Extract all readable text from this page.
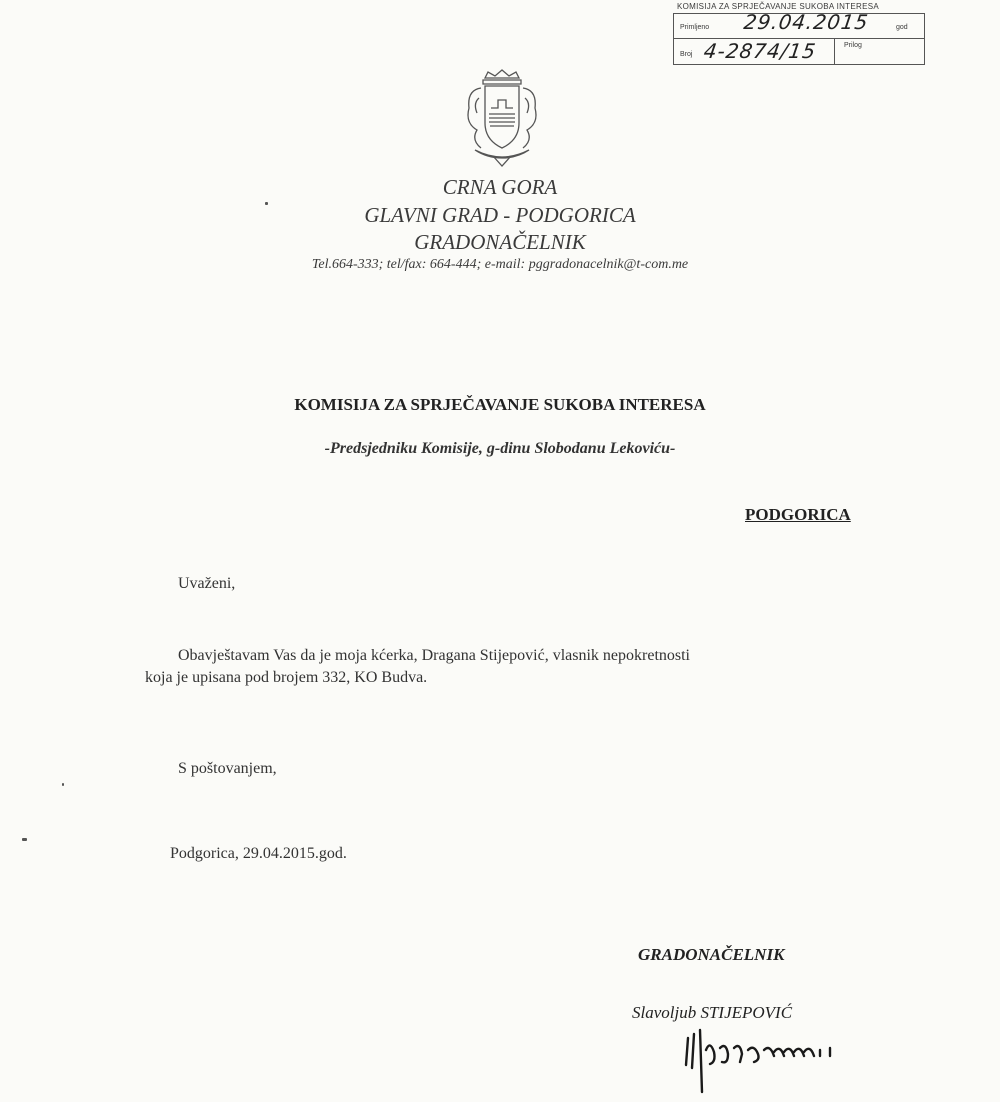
KOMISIJA ZA SPRJEČAVANJE SUKOBA INTERESA
Primljeno 29.04.2015	god
Broj 4-2874/15	Prilog
CRNA GORA
GLAVNI GRAD - PODGORICA
GRADONAČELNIK
Tel.664-333; tel/fax: 664-444; e-mail: pggradonacelnik@t-com.me
KOMISIJA ZA SPRJEČAVANJE SUKOBA INTERESA
-Predsjedniku Komisije, g-dinu Slobodanu Lekoviću-
PODGORICA
Uvaženi,
Obavještavam Vas da je moja kćerka, Dragana Stijepović, vlasnik nepokretnosti
koja je upisana pod brojem 332, KO Budva.
S poštovanjem,
Podgorica, 29.04.2015.god.
GRADONAČELNIK
Slavoljub STIJEPOVIĆ
